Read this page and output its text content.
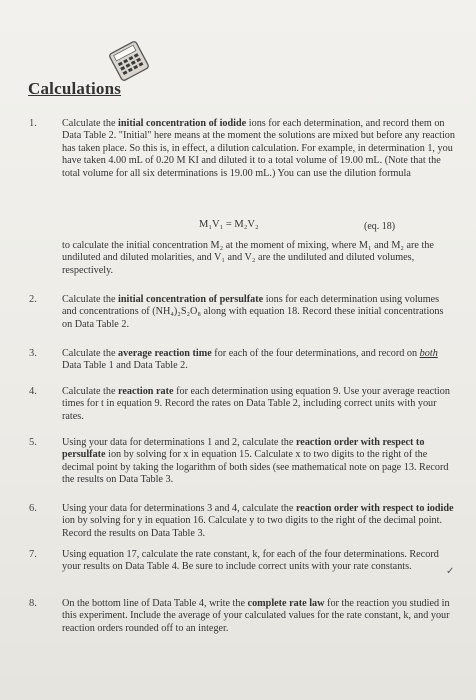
Calculations
1. Calculate the initial concentration of iodide ions for each determination, and record them on Data Table 2. "Initial" here means at the moment the solutions are mixed but before any reaction has taken place. So this is, in effect, a dilution calculation. For example, in determination 1, you have taken 4.00 mL of 0.20 M KI and diluted it to a total volume of 19.00 mL. (Note that the total volume for all six determinations is 19.00 mL.) You can use the dilution formula
M₁V₁ = M₂V₂	(eq. 18)
to calculate the initial concentration M₂ at the moment of mixing, where M₁ and M₂ are the undiluted and diluted molarities, and V₁ and V₂ are the undiluted and diluted volumes, respectively.
2. Calculate the initial concentration of persulfate ions for each determination using volumes and concentrations of (NH₄)₂S₂O₈ along with equation 18. Record these initial concentrations on Data Table 2.
3. Calculate the average reaction time for each of the four determinations, and record on both Data Table 1 and Data Table 2.
4. Calculate the reaction rate for each determination using equation 9. Use your average reaction times for t in equation 9. Record the rates on Data Table 2, including correct units with your rates.
5. Using your data for determinations 1 and 2, calculate the reaction order with respect to persulfate ion by solving for x in equation 15. Calculate x to two digits to the right of the decimal point by taking the logarithm of both sides (see mathematical note on page 13. Record the results on Data Table 3.
6. Using your data for determinations 3 and 4, calculate the reaction order with respect to iodide ion by solving for y in equation 16. Calculate y to two digits to the right of the decimal point. Record the results on Data Table 3.
7. Using equation 17, calculate the rate constant, k, for each of the four determinations. Record your results on Data Table 4. Be sure to include correct units with your rate constants.	✓
8. On the bottom line of Data Table 4, write the complete rate law for the reaction you studied in this experiment. Include the average of your calculated values for the rate constant, k, and your reaction orders rounded off to an integer.
